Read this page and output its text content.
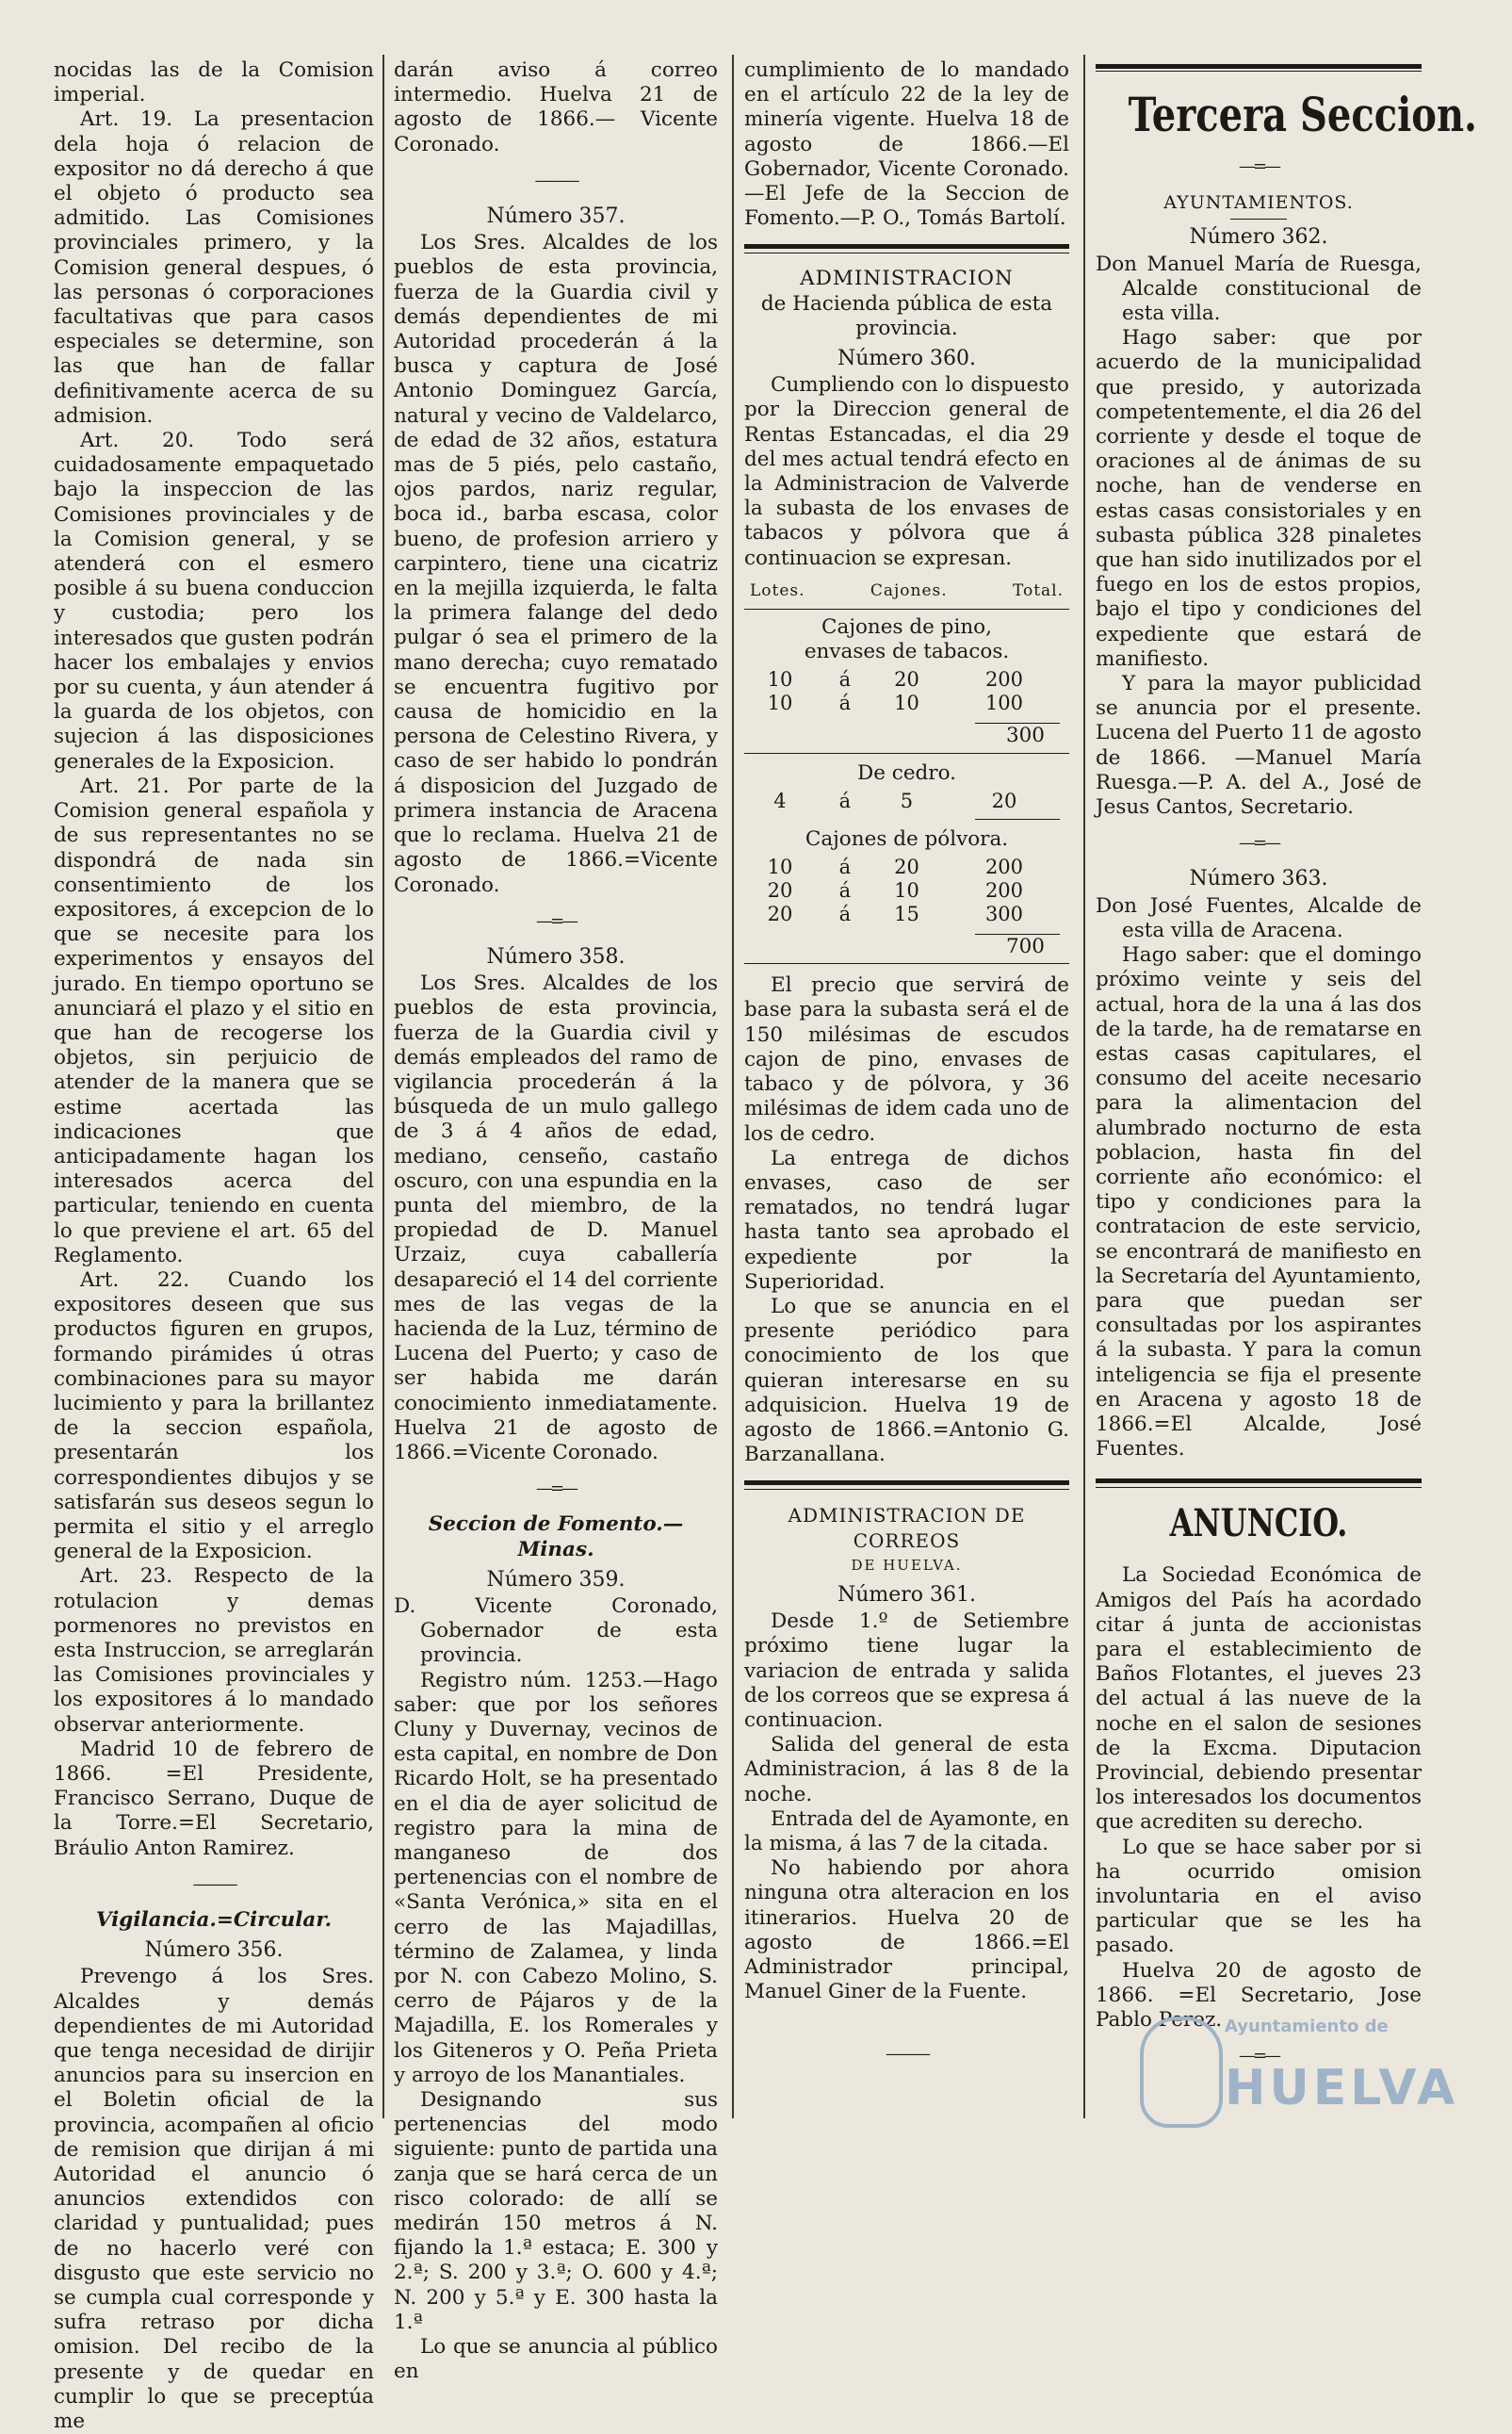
nocidas las de la Comision imperial.

Art. 19. La presentacion dela hoja ó relacion de expositor no dá derecho á que el objeto ó producto sea admitido. Las Comisiones provinciales primero, y la Comision general despues, ó las personas ó corporaciones facultativas que para casos especiales se determine, son las que han de fallar definitivamente acerca de su admision.

Art. 20. Todo será cuidadosamente empaquetado bajo la inspeccion de las Comisiones provinciales y de la Comision general, y se atenderá con el esmero posible á su buena conduccion y custodia; pero los interesados que gusten podrán hacer los embalajes y envios por su cuenta, y áun atender á la guarda de los objetos, con sujecion á las disposiciones generales de la Exposicion.

Art. 21. Por parte de la Comision general española y de sus representantes no se dispondrá de nada sin consentimiento de los expositores, á excepcion de lo que se necesite para los experimentos y ensayos del jurado. En tiempo oportuno se anunciará el plazo y el sitio en que han de recogerse los objetos, sin perjuicio de atender de la manera que se estime acertada las indicaciones que anticipadamente hagan los interesados acerca del particular, teniendo en cuenta lo que previene el art. 65 del Reglamento.

Art. 22. Cuando los expositores deseen que sus productos figuren en grupos, formando pirámides ú otras combinaciones para su mayor lucimiento y para la brillantez de la seccion española, presentarán los correspondientes dibujos y se satisfarán sus deseos segun lo permita el sitio y el arreglo general de la Exposicion.

Art. 23. Respecto de la rotulacion y demas pormenores no previstos en esta Instruccion, se arreglarán las Comisiones provinciales y los expositores á lo mandado observar anteriormente.

Madrid 10 de febrero de 1866. =El Presidente, Francisco Serrano, Duque de la Torre.=El Secretario, Bráulio Anton Ramirez.

———
Vigilancia.=Circular.
Número 356.

Prevengo á los Sres. Alcaldes y demás dependientes de mi Autoridad que tenga necesidad de dirijir anuncios para su insercion en el Boletin oficial de la provincia, acompañen al oficio de remision que dirijan á mi Autoridad el anuncio ó anuncios extendidos con claridad y puntualidad; pues de no hacerlo veré con disgusto que este servicio no se cumpla cual corresponde y sufra retraso por dicha omision. Del recibo de la presente y de quedar en cumplir lo que se preceptúa me

darán aviso á correo intermedio. Huelva 21 de agosto de 1866.— Vicente Coronado.

———
Número 357.

Los Sres. Alcaldes de los pueblos de esta provincia, fuerza de la Guardia civil y demás dependientes de mi Autoridad procederán á la busca y captura de José Antonio Dominguez García, natural y vecino de Valdelarco, de edad de 32 años, estatura mas de 5 piés, pelo castaño, ojos pardos, nariz regular, boca id., barba escasa, color bueno, de profesion arriero y carpintero, tiene una cicatriz en la mejilla izquierda, le falta la primera falange del dedo pulgar ó sea el primero de la mano derecha; cuyo rematado se encuentra fugitivo por causa de homicidio en la persona de Celestino Rivera, y caso de ser habido lo pondrán á disposicion del Juzgado de primera instancia de Aracena que lo reclama. Huelva 21 de agosto de 1866.=Vicente Coronado.

—=—
Número 358.

Los Sres. Alcaldes de los pueblos de esta provincia, fuerza de la Guardia civil y demás empleados del ramo de vigilancia procederán á la búsqueda de un mulo gallego de 3 á 4 años de edad, mediano, censeño, castaño oscuro, con una espundia en la punta del miembro, de la propiedad de D. Manuel Urzaiz, cuya caballería desapareció el 14 del corriente mes de las vegas de la hacienda de la Luz, término de Lucena del Puerto; y caso de ser habida me darán conocimiento inmediatamente. Huelva 21 de agosto de 1866.=Vicente Coronado.

—=—
Seccion de Fomento.—Minas.
Número 359.

D. Vicente Coronado, Gobernador de esta provincia.

Registro núm. 1253.—Hago saber: que por los señores Cluny y Duvernay, vecinos de esta capital, en nombre de Don Ricardo Holt, se ha presentado en el dia de ayer solicitud de registro para la mina de manganeso de dos pertenencias con el nombre de «Santa Verónica,» sita en el cerro de las Majadillas, término de Zalamea, y linda por N. con Cabezo Molino, S. cerro de Pájaros y de la Majadilla, E. los Romerales y los Giteneros y O. Peña Prieta y arroyo de los Manantiales.

Designando sus pertenencias del modo siguiente: punto de partida una zanja que se hará cerca de un risco colorado: de allí se medirán 150 metros á N. fijando la 1.ª estaca; E. 300 y 2.ª; S. 200 y 3.ª; O. 600 y 4.ª; N. 200 y 5.ª y E. 300 hasta la 1.ª

Lo que se anuncia al público en

cumplimiento de lo mandado en el artículo 22 de la ley de minería vigente. Huelva 18 de agosto de 1866.—El Gobernador, Vicente Coronado.—El Jefe de la Seccion de Fomento.—P. O., Tomás Bartolí.

ADMINISTRACION
de Hacienda pública de esta provincia.
Número 360.

Cumpliendo con lo dispuesto por la Direccion general de Rentas Estancadas, el dia 29 del mes actual tendrá efecto en la Administracion de Valverde la subasta de los envases de tabacos y pólvora que á continuacion se expresan.

Lotes.	Cajones.	Total.
Cajones de pino, envases de tabacos.
10	á	20	200
10	á	10	100
300
De cedro.
4	á	5	20
Cajones de pólvora.
10	á	20	200
20	á	10	200
20	á	15	300
700

El precio que servirá de base para la subasta será el de 150 milésimas de escudos cajon de pino, envases de tabaco y de pólvora, y 36 milésimas de idem cada uno de los de cedro.

La entrega de dichos envases, caso de ser rematados, no tendrá lugar hasta tanto sea aprobado el expediente por la Superioridad.

Lo que se anuncia en el presente periódico para conocimiento de los que quieran interesarse en su adquisicion. Huelva 19 de agosto de 1866.=Antonio G. Barzanallana.

ADMINISTRACION DE CORREOS
DE HUELVA.
Número 361.

Desde 1.º de Setiembre próximo tiene lugar la variacion de entrada y salida de los correos que se expresa á continuacion.

Salida del general de esta Administracion, á las 8 de la noche.

Entrada del de Ayamonte, en la misma, á las 7 de la citada.

No habiendo por ahora ninguna otra alteracion en los itinerarios. Huelva 20 de agosto de 1866.=El Administrador principal, Manuel Giner de la Fuente.

———
Tercera Seccion.
—=—
AYUNTAMIENTOS.
Número 362.

Don Manuel María de Ruesga, Alcalde constitucional de esta villa.

Hago saber: que por acuerdo de la municipalidad que presido, y autorizada competentemente, el dia 26 del corriente y desde el toque de oraciones al de ánimas de su noche, han de venderse en estas casas consistoriales y en subasta pública 328 pinaletes que han sido inutilizados por el fuego en los de estos propios, bajo el tipo y condiciones del expediente que estará de manifiesto.

Y para la mayor publicidad se anuncia por el presente. Lucena del Puerto 11 de agosto de 1866. —Manuel María Ruesga.—P. A. del A., José de Jesus Cantos, Secretario.

—=—
Número 363.

Don José Fuentes, Alcalde de esta villa de Aracena.

Hago saber: que el domingo próximo veinte y seis del actual, hora de la una á las dos de la tarde, ha de rematarse en estas casas capitulares, el consumo del aceite necesario para la alimentacion del alumbrado nocturno de esta poblacion, hasta fin del corriente año económico: el tipo y condiciones para la contratacion de este servicio, se encontrará de manifiesto en la Secretaría del Ayuntamiento, para que puedan ser consultadas por los aspirantes á la subasta. Y para la comun inteligencia se fija el presente en Aracena y agosto 18 de 1866.=El Alcalde, José Fuentes.

ANUNCIO.

La Sociedad Económica de Amigos del País ha acordado citar á junta de accionistas para el establecimiento de Baños Flotantes, el jueves 23 del actual á las nueve de la noche en el salon de sesiones de la Excma. Diputacion Provincial, debiendo presentar los interesados los documentos que acrediten su derecho.

Lo que se hace saber por si ha ocurrido omision involuntaria en el aviso particular que se les ha pasado.

Huelva 20 de agosto de 1866. =El Secretario, Jose Pablo Perez.

—=—
Ayuntamiento de
HUELVA
